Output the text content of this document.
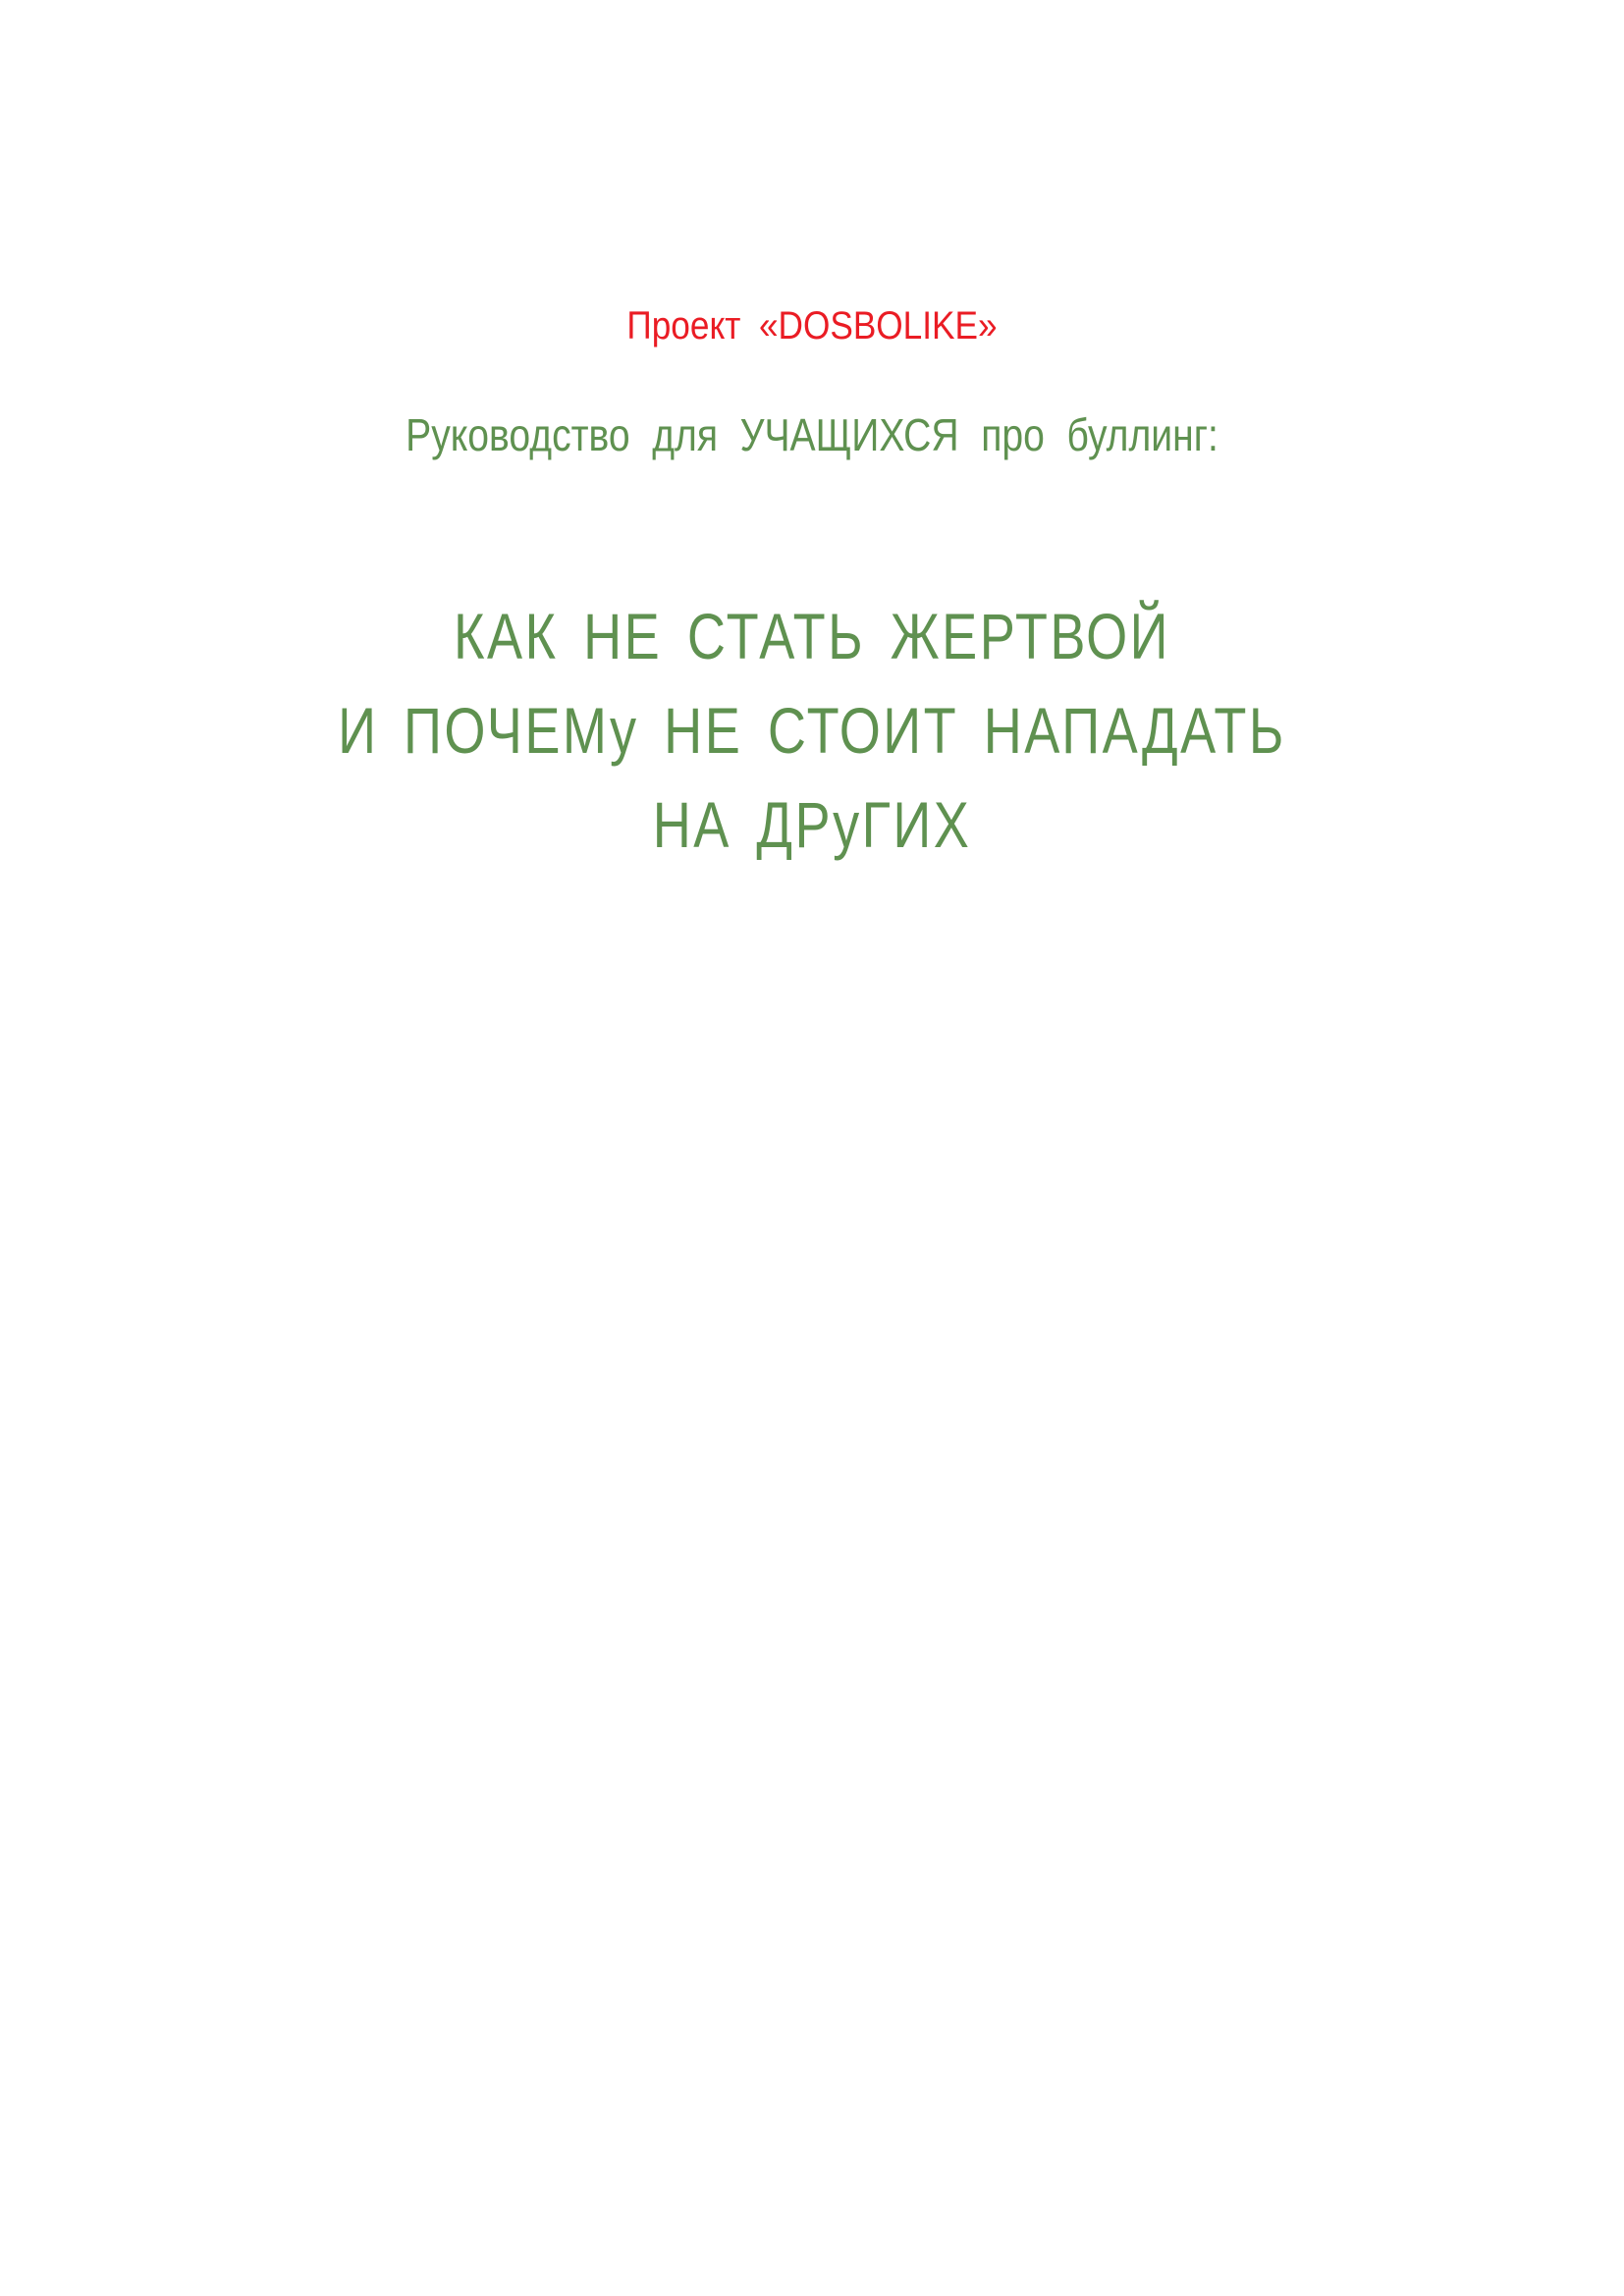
Проект «DOSBOLIKE»
Руководство для УЧАЩИХСЯ про буллинг:
КАК НЕ СТАТЬ ЖЕРТВОЙ
И ПОЧЕМу НЕ СТОИТ НАПАДАТЬ
НА ДРуГИХ
